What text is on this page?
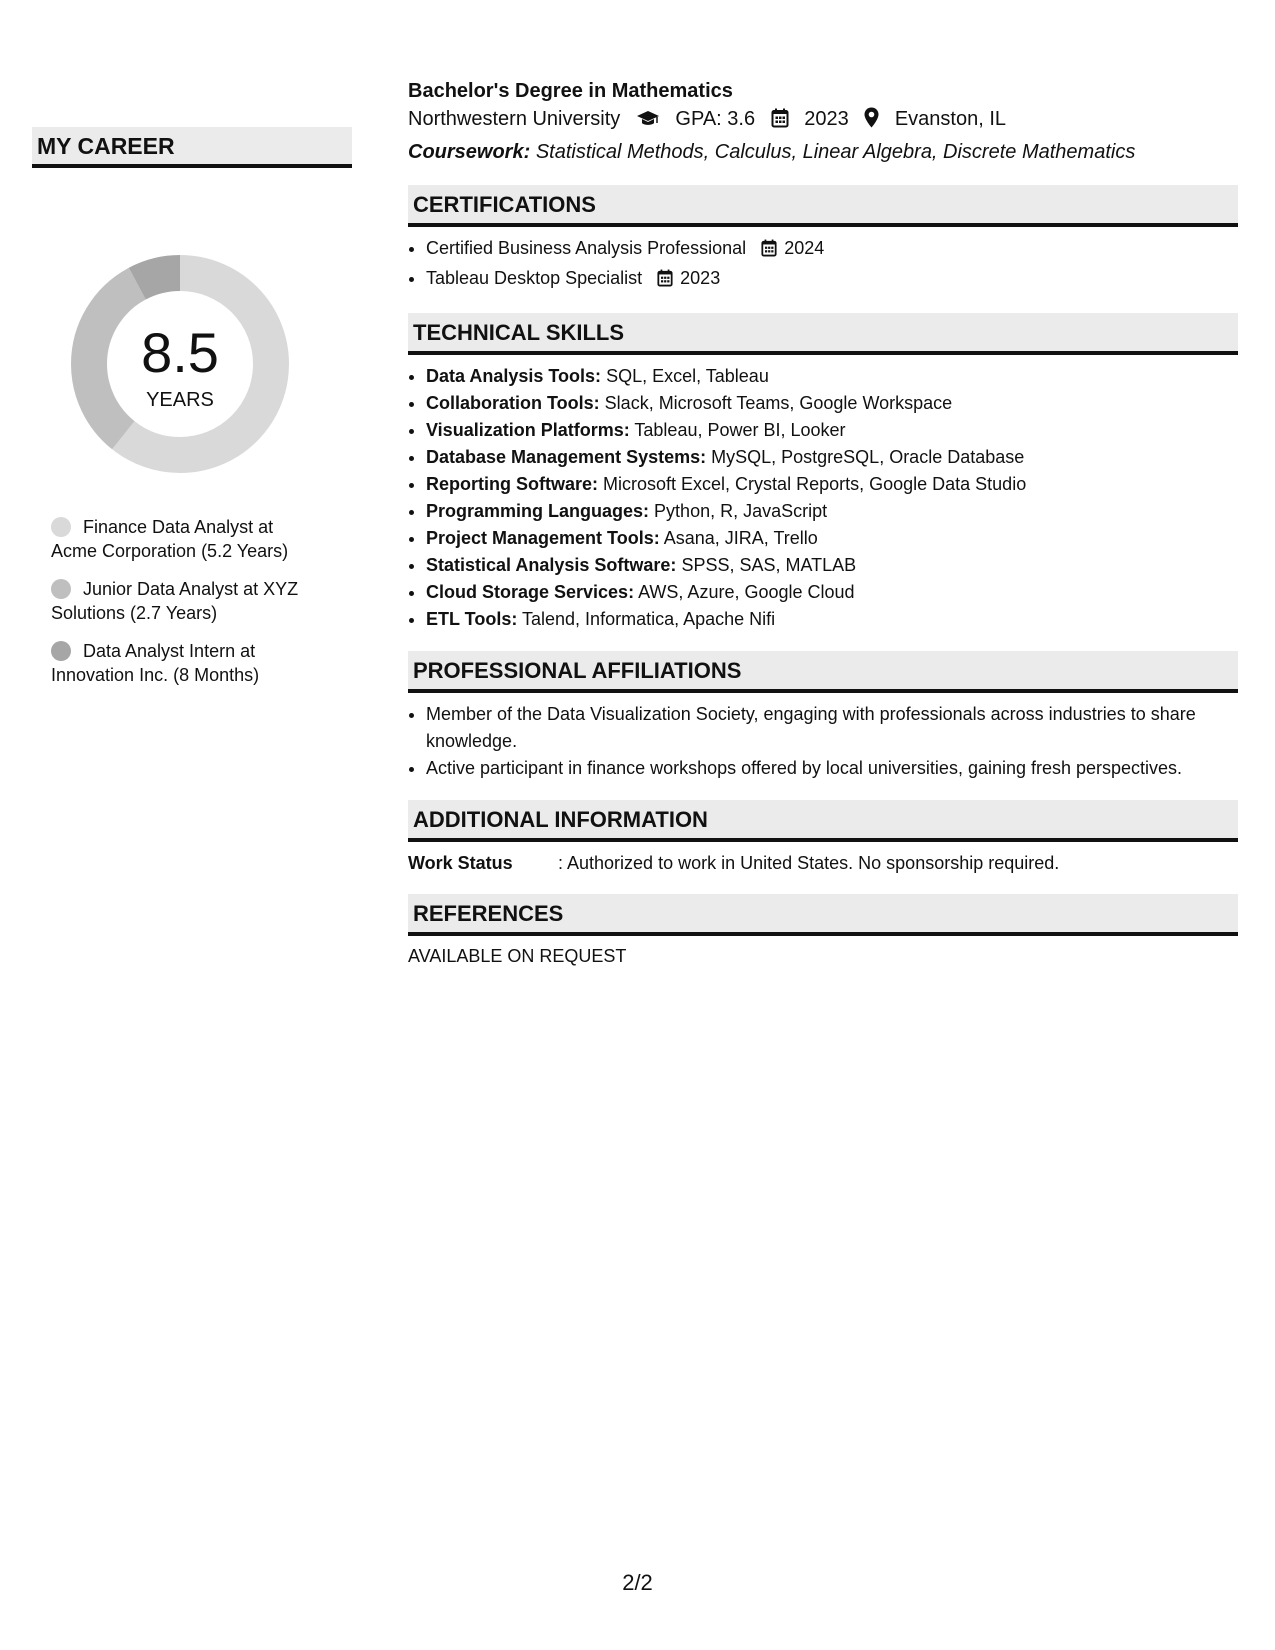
MY CAREER
8.5
YEARS
Finance Data Analyst at Acme Corporation (5.2 Years)
Junior Data Analyst at XYZ Solutions (2.7 Years)
Data Analyst Intern at Innovation Inc. (8 Months)
Bachelor's Degree in Mathematics
Northwestern University	GPA: 3.6 2023 Evanston, IL
Coursework: Statistical Methods, Calculus, Linear Algebra, Discrete Mathematics
CERTIFICATIONS
• Certified Business Analysis Professional 2024
• Tableau Desktop Specialist 2023
TECHNICAL SKILLS
• Data Analysis Tools: SQL, Excel, Tableau
• Collaboration Tools: Slack, Microsoft Teams, Google Workspace
• Visualization Platforms: Tableau, Power BI, Looker
• Database Management Systems: MySQL, PostgreSQL, Oracle Database
• Reporting Software: Microsoft Excel, Crystal Reports, Google Data Studio
• Programming Languages: Python, R, JavaScript
• Project Management Tools: Asana, JIRA, Trello
• Statistical Analysis Software: SPSS, SAS, MATLAB
• Cloud Storage Services: AWS, Azure, Google Cloud
• ETL Tools: Talend, Informatica, Apache Nifi
PROFESSIONAL AFFILIATIONS
• Member of the Data Visualization Society, engaging with professionals across industries to share knowledge.
• Active participant in finance workshops offered by local universities, gaining fresh perspectives.
ADDITIONAL INFORMATION
Work Status	: Authorized to work in United States. No sponsorship required.
REFERENCES
AVAILABLE ON REQUEST
2/2
